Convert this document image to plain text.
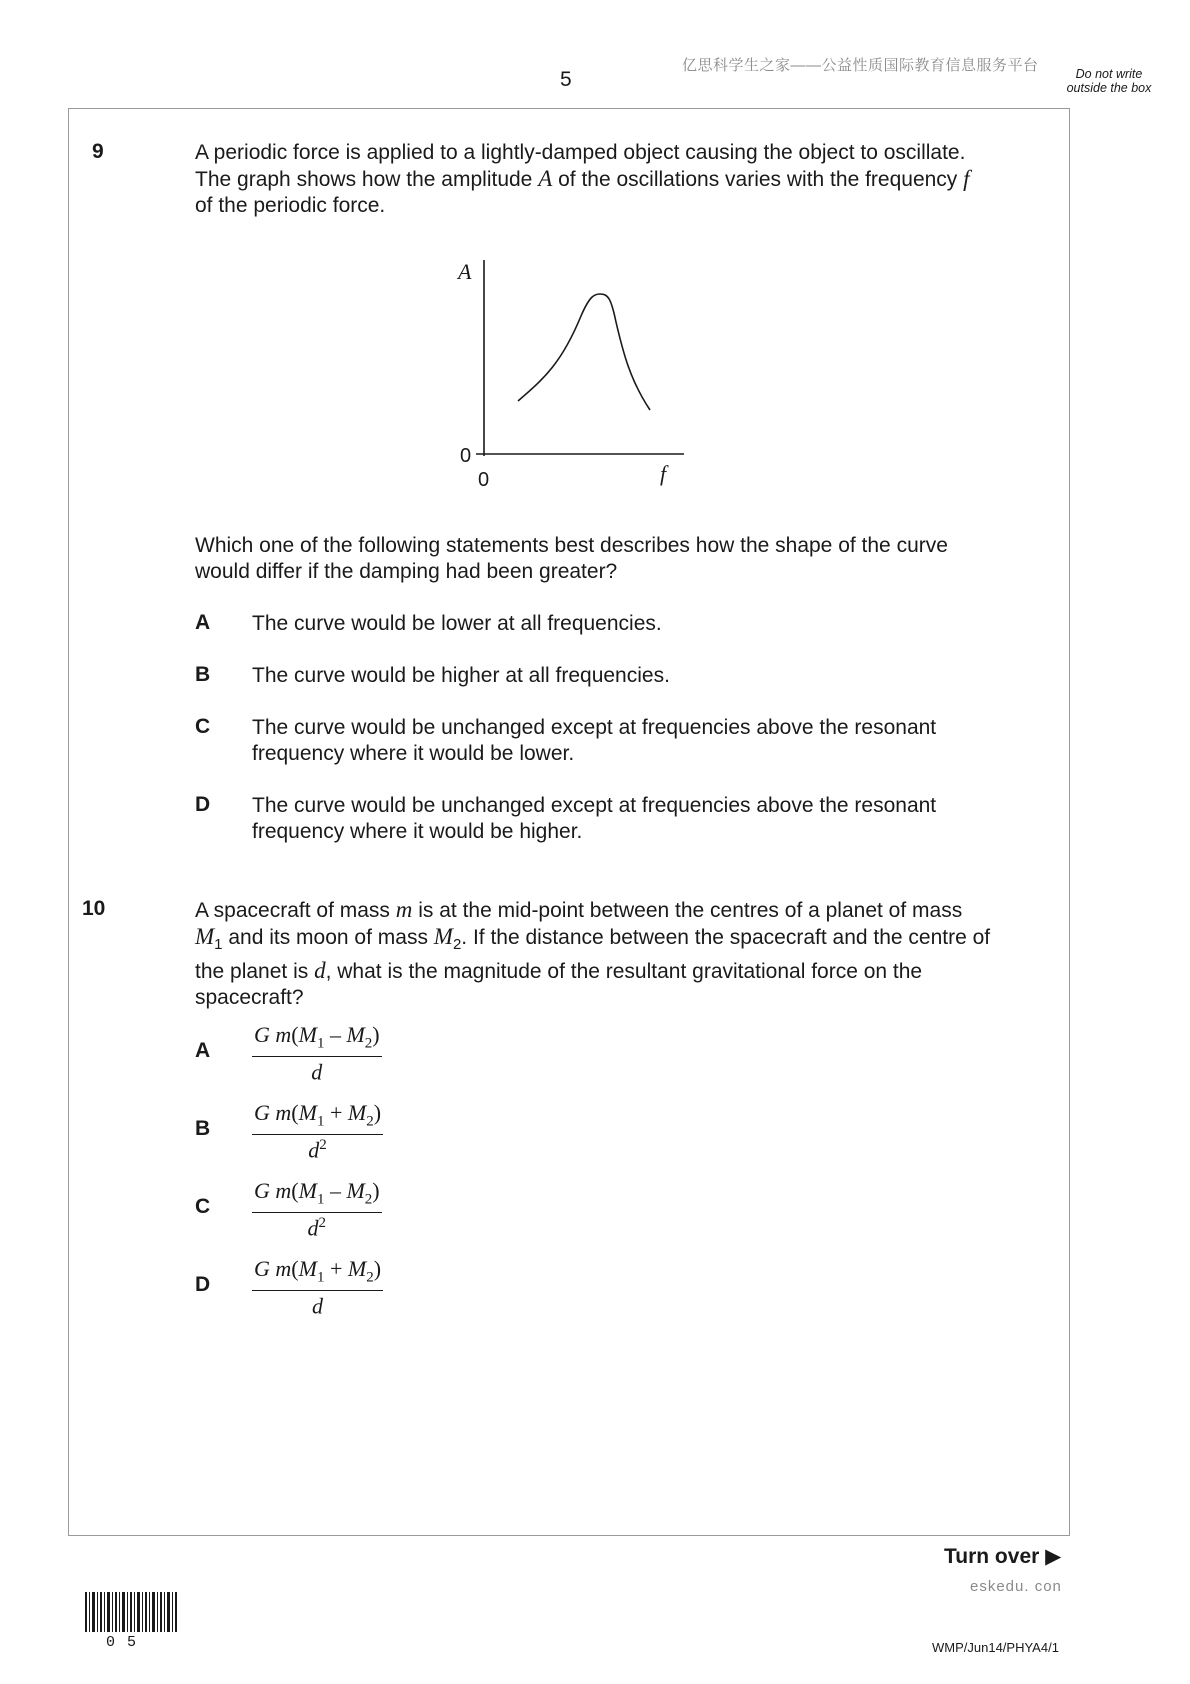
5
亿思科学生之家——公益性质国际教育信息服务平台	Do not write outside the box
9	A periodic force is applied to a lightly-damped object causing the object to oscillate.
The graph shows how the amplitude A of the oscillations varies with the frequency f
of the periodic force.
A
f
0
0
Which one of the following statements best describes how the shape of the curve
would differ if the damping had been greater?
A The curve would be lower at all frequencies.
B The curve would be higher at all frequencies.
C The curve would be unchanged except at frequencies above the resonant
frequency where it would be lower.
D The curve would be unchanged except at frequencies above the resonant
frequency where it would be higher.
10	A spacecraft of mass m is at the mid-point between the centres of a planet of mass
$M_1$ and its moon of mass $M_2$. If the distance between the spacecraft and the centre of
the planet is d, what is the magnitude of the resultant gravitational force on the
spacecraft?
A $\frac{G m(M_1 - M_2)}{d}$
B $\frac{G m(M_1 + M_2)}{d^2}$
C $\frac{G m(M_1 - M_2)}{d^2}$
D $\frac{G m(M_1 + M_2)}{d}$
Turn over ▶
eskedu. con
WMP/Jun14/PHYA4/1
05
